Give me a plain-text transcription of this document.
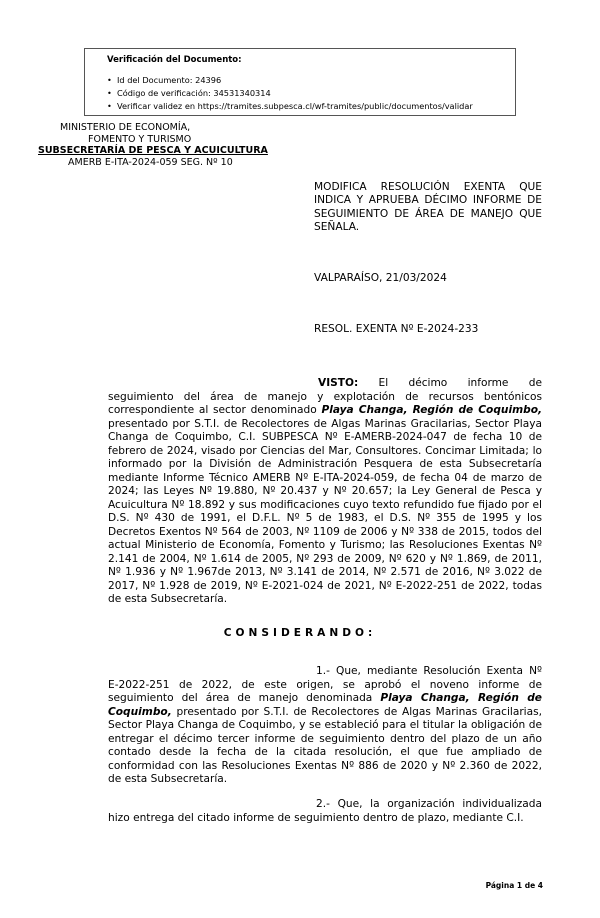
Verificación del Documento:
• Id del Documento: 24396
• Código de verificación: 34531340314
• Verificar validez en https://tramites.subpesca.cl/wf-tramites/public/documentos/validar
MINISTERIO DE ECONOMÍA,
FOMENTO Y TURISMO
SUBSECRETARÍA DE PESCA Y ACUICULTURA
AMERB E-ITA-2024-059 SEG. Nº 10
MODIFICA RESOLUCIÓN EXENTA QUE INDICA Y APRUEBA DÉCIMO INFORME DE SEGUIMIENTO DE ÁREA DE MANEJO QUE SEÑALA.
VALPARAÍSO, 21/03/2024
RESOL. EXENTA Nº E-2024-233
VISTO: El décimo informe de seguimiento del área de manejo y explotación de recursos bentónicos correspondiente al sector denominado Playa Changa, Región de Coquimbo, presentado por S.T.I. de Recolectores de Algas Marinas Gracilarias, Sector Playa Changa de Coquimbo, C.I. SUBPESCA Nº E-AMERB-2024-047 de fecha 10 de febrero de 2024, visado por Ciencias del Mar, Consultores. Concimar Limitada; lo informado por la División de Administración Pesquera de esta Subsecretaría mediante Informe Técnico AMERB Nº E-ITA-2024-059, de fecha 04 de marzo de 2024; las Leyes Nº 19.880, Nº 20.437 y Nº 20.657; la Ley General de Pesca y Acuicultura Nº 18.892 y sus modificaciones cuyo texto refundido fue fijado por el D.S. Nº 430 de 1991, el D.F.L. Nº 5 de 1983, el D.S. Nº 355 de 1995 y los Decretos Exentos Nº 564 de 2003, Nº 1109 de 2006 y Nº 338 de 2015, todos del actual Ministerio de Economía, Fomento y Turismo; las Resoluciones Exentas Nº 2.141 de 2004, Nº 1.614 de 2005, Nº 293 de 2009, Nº 620 y Nº 1.869, de 2011, Nº 1.936 y Nº 1.967de 2013, Nº 3.141 de 2014, Nº 2.571 de 2016, Nº 3.022 de 2017, Nº 1.928 de 2019, Nº E-2021-024 de 2021, Nº E-2022-251 de 2022, todas de esta Subsecretaría.
CONSIDERANDO:
1.- Que, mediante Resolución Exenta Nº E-2022-251 de 2022, de este origen, se aprobó el noveno informe de seguimiento del área de manejo denominada Playa Changa, Región de Coquimbo, presentado por S.T.I. de Recolectores de Algas Marinas Gracilarias, Sector Playa Changa de Coquimbo, y se estableció para el titular la obligación de entregar el décimo tercer informe de seguimiento dentro del plazo de un año contado desde la fecha de la citada resolución, el que fue ampliado de conformidad con las Resoluciones Exentas Nº 886 de 2020 y Nº 2.360 de 2022, de esta Subsecretaría.
2.- Que, la organización individualizada hizo entrega del citado informe de seguimiento dentro de plazo, mediante C.I.
Página 1 de 4
